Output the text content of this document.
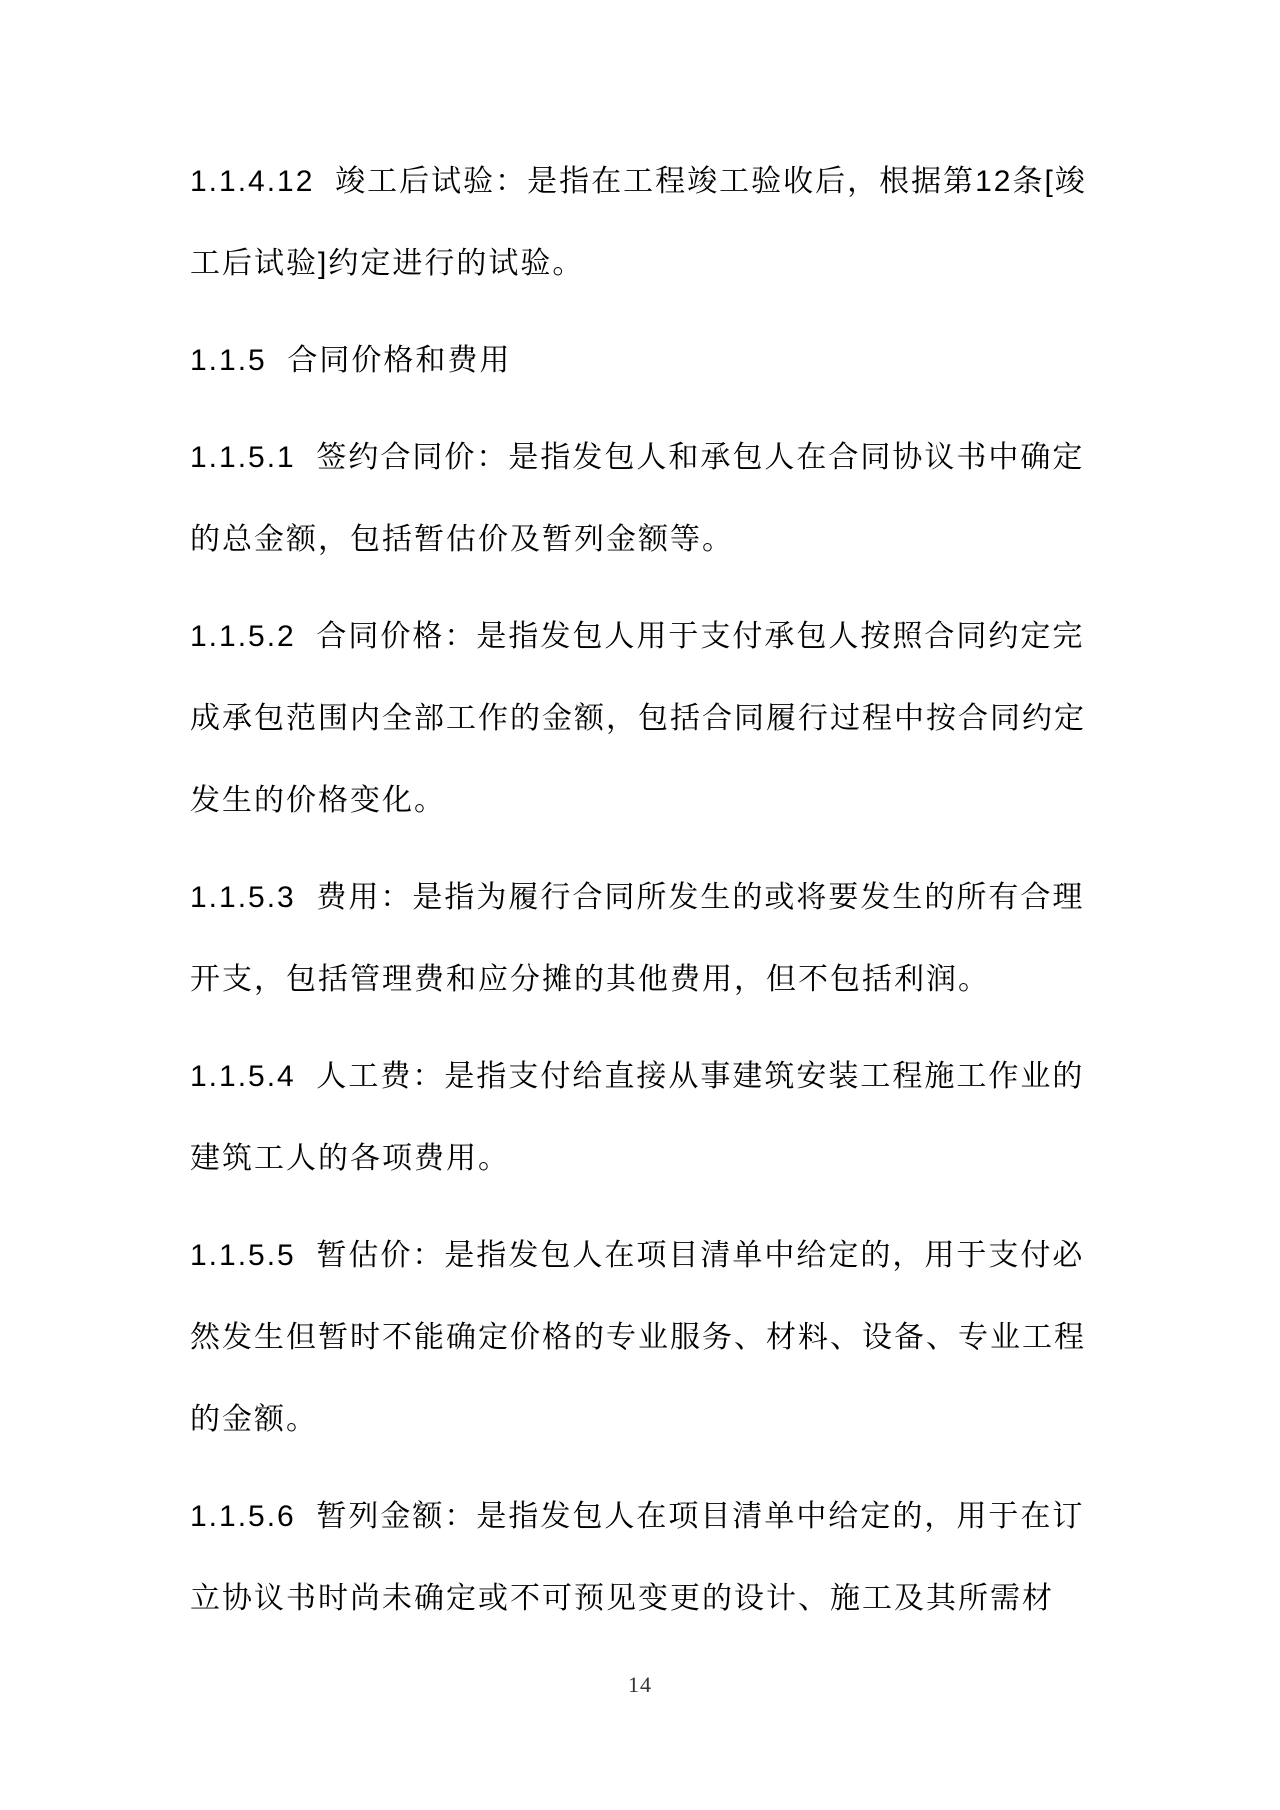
1.1.4.12  竣工后试验：是指在工程竣工验收后，根据第12条[竣
工后试验]约定进行的试验。
1.1.5  合同价格和费用
1.1.5.1  签约合同价：是指发包人和承包人在合同协议书中确定
的总金额，包括暂估价及暂列金额等。
1.1.5.2  合同价格：是指发包人用于支付承包人按照合同约定完
成承包范围内全部工作的金额，包括合同履行过程中按合同约定
发生的价格变化。
1.1.5.3  费用：是指为履行合同所发生的或将要发生的所有合理
开支，包括管理费和应分摊的其他费用，但不包括利润。
1.1.5.4  人工费：是指支付给直接从事建筑安装工程施工作业的
建筑工人的各项费用。
1.1.5.5  暂估价：是指发包人在项目清单中给定的，用于支付必
然发生但暂时不能确定价格的专业服务、材料、设备、专业工程
的金额。
1.1.5.6  暂列金额：是指发包人在项目清单中给定的，用于在订
立协议书时尚未确定或不可预见变更的设计、施工及其所需材
14
